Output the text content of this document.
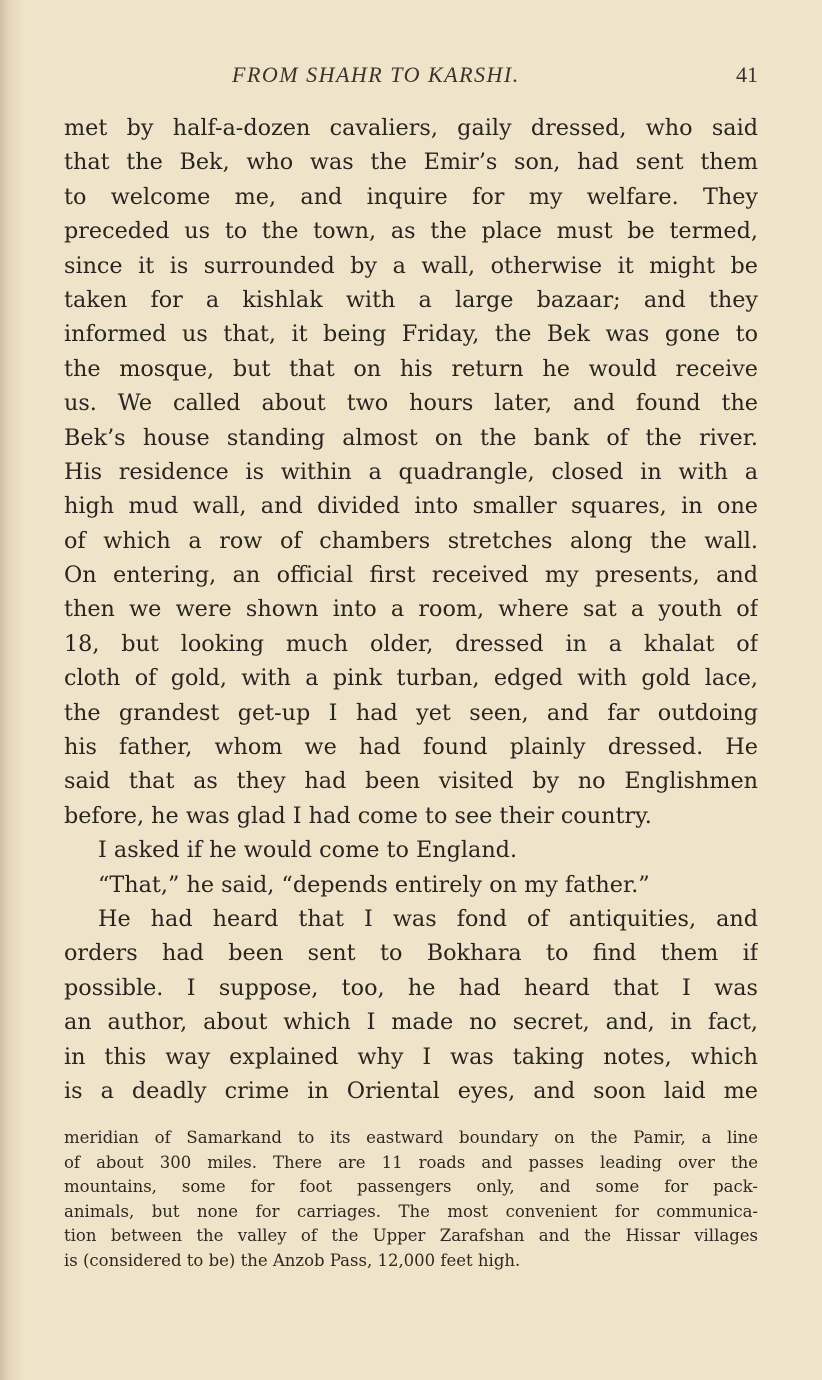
FROM SHAHR TO KARSHI.	41
met by half-a-dozen cavaliers, gaily dressed, who said
that the Bek, who was the Emir’s son, had sent them
to welcome me, and inquire for my welfare. They
preceded us to the town, as the place must be termed,
since it is surrounded by a wall, otherwise it might be
taken for a kishlak with a large bazaar; and they
informed us that, it being Friday, the Bek was gone to
the mosque, but that on his return he would receive
us. We called about two hours later, and found the
Bek’s house standing almost on the bank of the river.
His residence is within a quadrangle, closed in with a
high mud wall, and divided into smaller squares, in one
of which a row of chambers stretches along the wall.
On entering, an official first received my presents, and
then we were shown into a room, where sat a youth of
18, but looking much older, dressed in a khalat of
cloth of gold, with a pink turban, edged with gold lace,
the grandest get-up I had yet seen, and far outdoing
his father, whom we had found plainly dressed. He
said that as they had been visited by no Englishmen
before, he was glad I had come to see their country.
I asked if he would come to England.
“That,” he said, “depends entirely on my father.”
He had heard that I was fond of antiquities, and
orders had been sent to Bokhara to find them if
possible. I suppose, too, he had heard that I was
an author, about which I made no secret, and, in fact,
in this way explained why I was taking notes, which
is a deadly crime in Oriental eyes, and soon laid me
meridian of Samarkand to its eastward boundary on the Pamir, a line
of about 300 miles. There are 11 roads and passes leading over the
mountains, some for foot passengers only, and some for pack-
animals, but none for carriages. The most convenient for communica-
tion between the valley of the Upper Zarafshan and the Hissar villages
is (considered to be) the Anzob Pass, 12,000 feet high.
